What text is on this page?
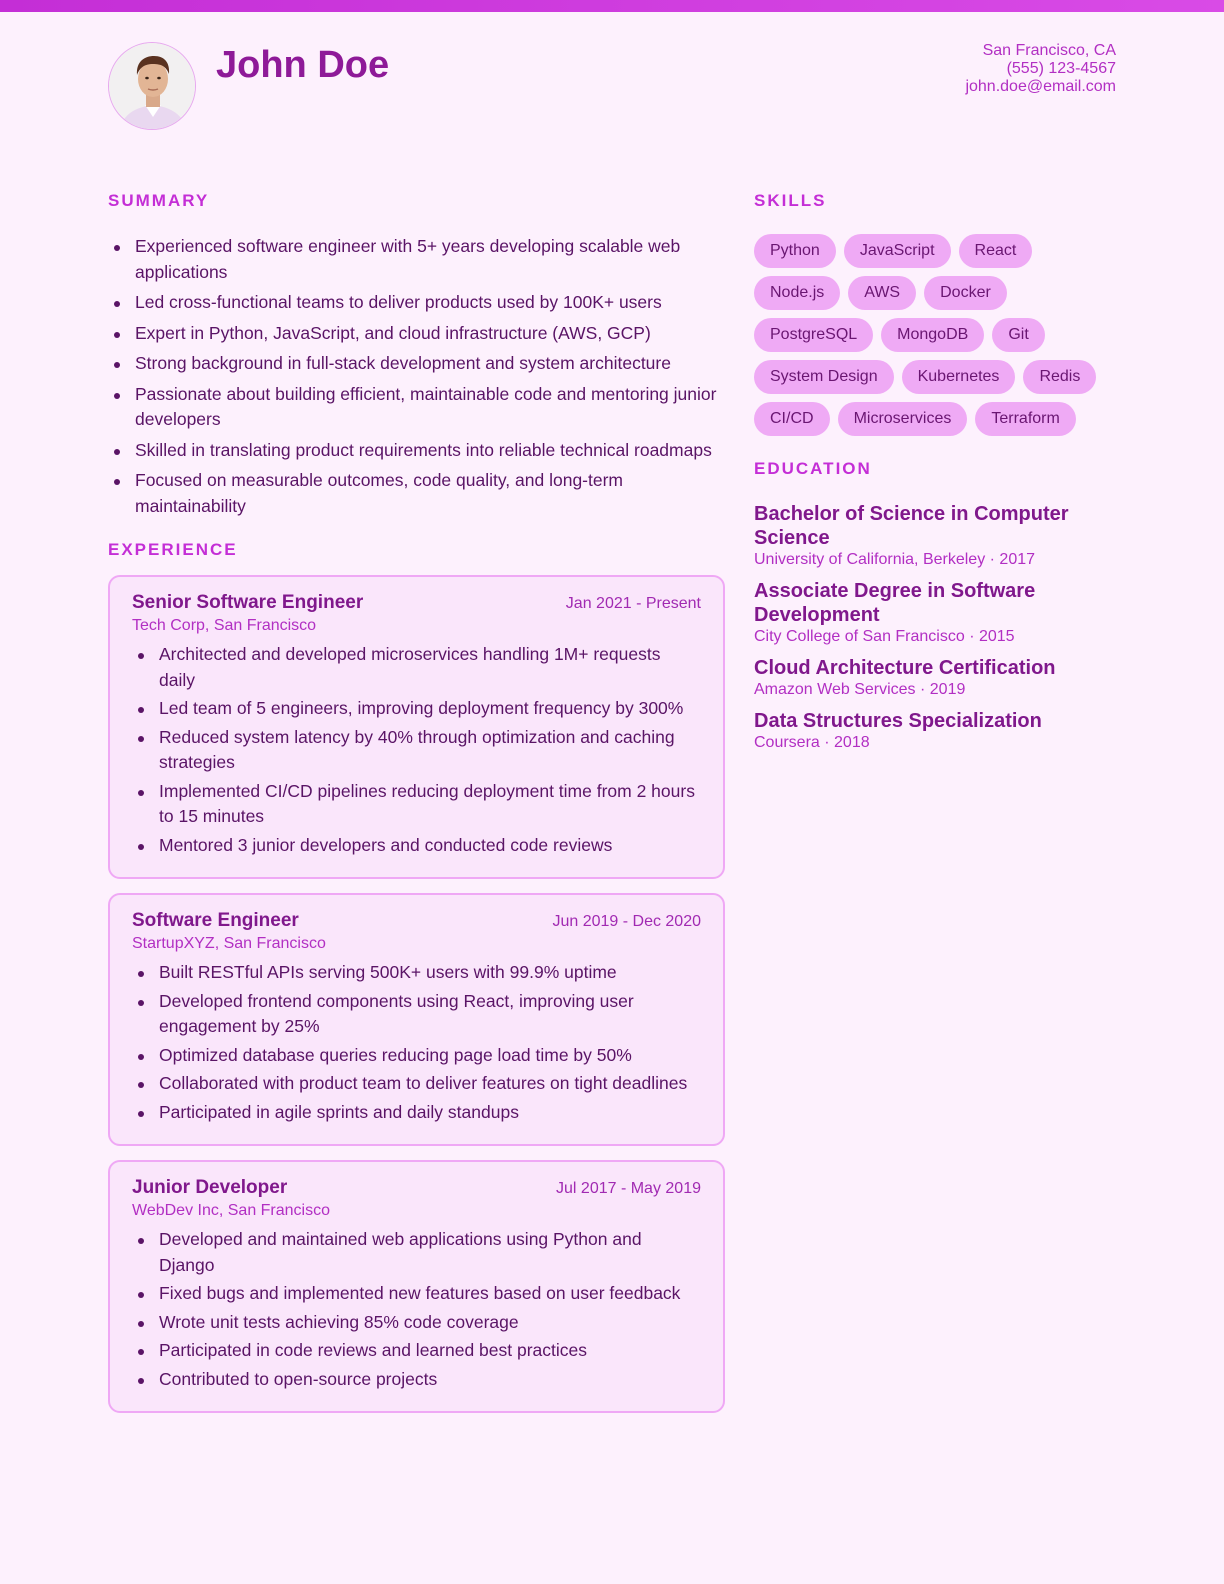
John Doe	San Francisco, CA
(555) 123-4567
john.doe@email.com
SUMMARY
Experienced software engineer with 5+ years developing scalable web applications
Led cross-functional teams to deliver products used by 100K+ users
Expert in Python, JavaScript, and cloud infrastructure (AWS, GCP)
Strong background in full-stack development and system architecture
Passionate about building efficient, maintainable code and mentoring junior developers
Skilled in translating product requirements into reliable technical roadmaps
Focused on measurable outcomes, code quality, and long-term maintainability
EXPERIENCE
Senior Software Engineer	Jan 2021 - Present
Tech Corp, San Francisco
Architected and developed microservices handling 1M+ requests daily
Led team of 5 engineers, improving deployment frequency by 300%
Reduced system latency by 40% through optimization and caching strategies
Implemented CI/CD pipelines reducing deployment time from 2 hours to 15 minutes
Mentored 3 junior developers and conducted code reviews
Software Engineer	Jun 2019 - Dec 2020
StartupXYZ, San Francisco
Built RESTful APIs serving 500K+ users with 99.9% uptime
Developed frontend components using React, improving user engagement by 25%
Optimized database queries reducing page load time by 50%
Collaborated with product team to deliver features on tight deadlines
Participated in agile sprints and daily standups
Junior Developer	Jul 2017 - May 2019
WebDev Inc, San Francisco
Developed and maintained web applications using Python and Django
Fixed bugs and implemented new features based on user feedback
Wrote unit tests achieving 85% code coverage
Participated in code reviews and learned best practices
Contributed to open-source projects
SKILLS
Python	JavaScript	React
Node.js	AWS	Docker
PostgreSQL	MongoDB	Git
System Design	Kubernetes	Redis
CI/CD	Microservices	Terraform
EDUCATION
Bachelor of Science in Computer Science
University of California, Berkeley · 2017
Associate Degree in Software Development
City College of San Francisco · 2015
Cloud Architecture Certification
Amazon Web Services · 2019
Data Structures Specialization
Coursera · 2018
